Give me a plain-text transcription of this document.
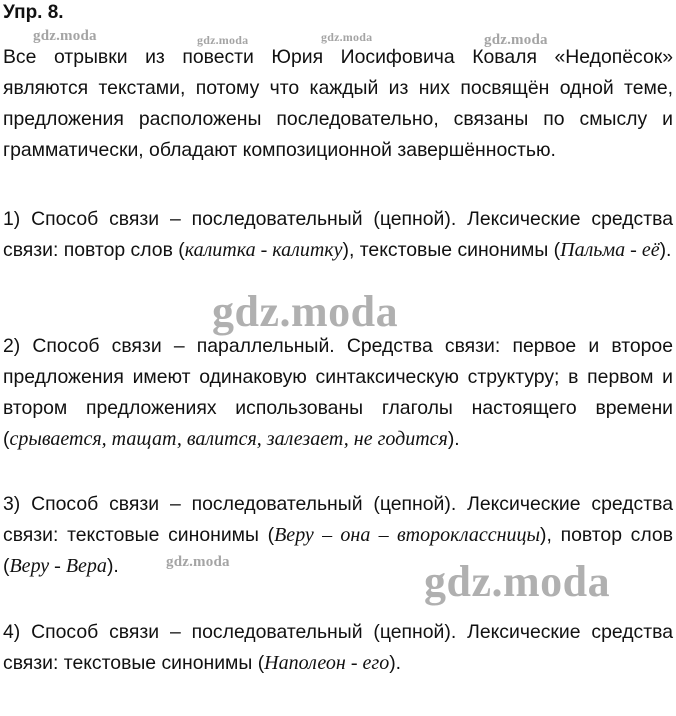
Упр. 8.

Все отрывки из повести Юрия Иосифовича Коваля «Недопёсок» являются текстами, потому что каждый из них посвящён одной теме, предложения расположены последовательно, связаны по смыслу и грамматически, обладают композиционной завершённостью.

1) Способ связи – последовательный (цепной). Лексические средства связи: повтор слов (калитка - калитку), текстовые синонимы (Пальма - её).

2) Способ связи – параллельный. Средства связи: первое и второе предложения имеют одинаковую синтаксическую структуру; в первом и втором предложениях использованы глаголы настоящего времени (срывается, тащат, валится, залезает, не годится).

3) Способ связи – последовательный (цепной). Лексические средства связи: текстовые синонимы (Веру – она – второклассницы), повтор слов (Веру - Вера).

4) Способ связи – последовательный (цепной). Лексические средства связи: текстовые синонимы (Наполеон - его).

gdz.moda	gdz.moda	gdz.moda	gdz.moda
gdz.moda
gdz.moda
gdz.moda
